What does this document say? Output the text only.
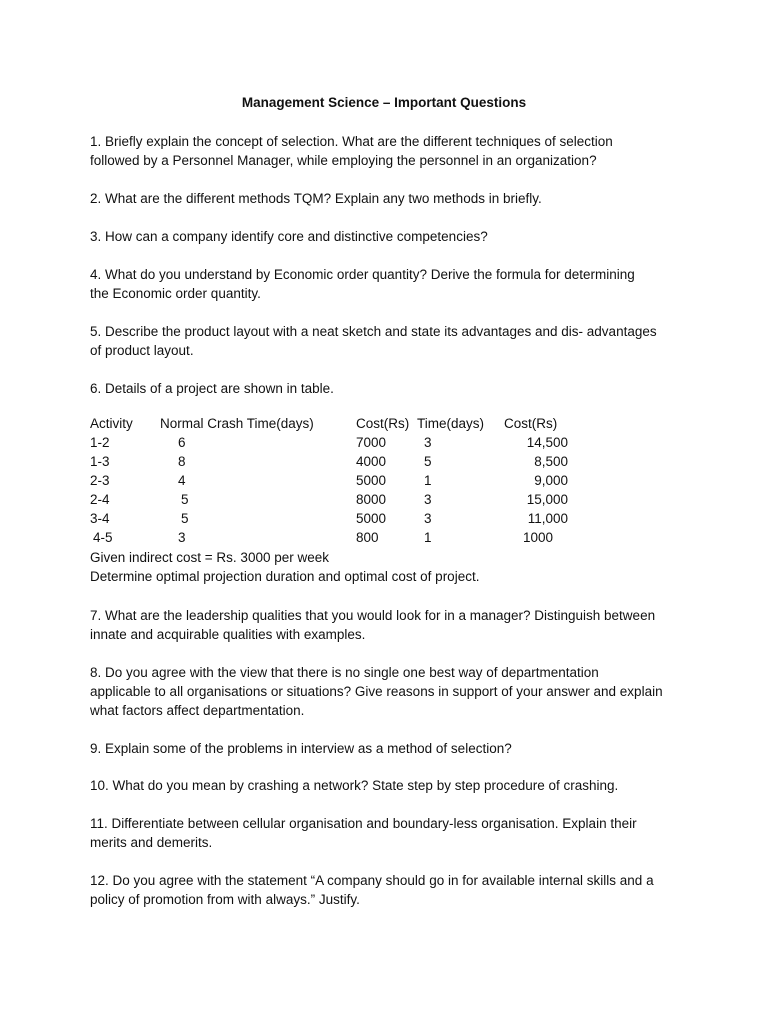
Management Science – Important Questions
1. Briefly explain the concept of selection. What are the different techniques of selection
followed by a Personnel Manager, while employing the personnel in an organization?
2. What are the different methods TQM? Explain any two methods in briefly.
3. How can a company identify core and distinctive competencies?
4. What do you understand by Economic order quantity? Derive the formula for determining
the Economic order quantity.
5. Describe the product layout with a neat sketch and state its advantages and dis- advantages
of product layout.
6. Details of a project are shown in table.
Activity Normal Crash Time(days)	Cost(Rs) Time(days) Cost(Rs)
1-2	6	7000	3	14,500
1-3	8	4000	5	8,500
2-3	4	5000	1	9,000
2-4	5	8000	3	15,000
3-4	5	5000	3	11,000
4-5	3	800	1	1000
Given indirect cost = Rs. 3000 per week
Determine optimal projection duration and optimal cost of project.
7. What are the leadership qualities that you would look for in a manager? Distinguish between
innate and acquirable qualities with examples.
8. Do you agree with the view that there is no single one best way of departmentation
applicable to all organisations or situations? Give reasons in support of your answer and explain
what factors affect departmentation.
9. Explain some of the problems in interview as a method of selection?
10. What do you mean by crashing a network? State step by step procedure of crashing.
11. Differentiate between cellular organisation and boundary-less organisation. Explain their
merits and demerits.
12. Do you agree with the statement “A company should go in for available internal skills and a
policy of promotion from with always.” Justify.
